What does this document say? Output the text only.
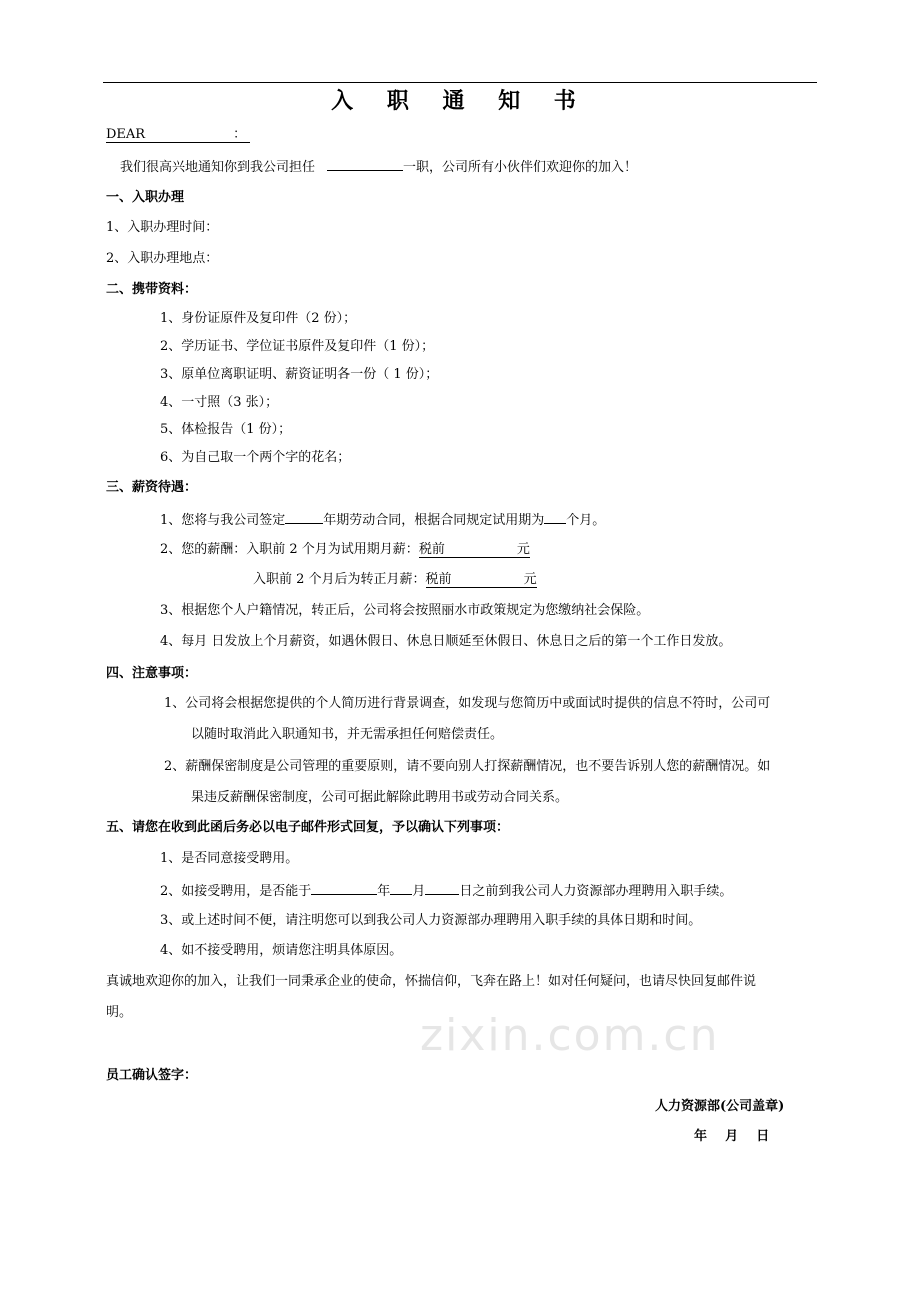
入 职 通 知 书
DEAR	：
我们很高兴地通知你到我公司担任	一职，公司所有小伙伴们欢迎你的加入！
一、入职办理
1、入职办理时间：
2、入职办理地点：
二、携带资料：
1、身份证原件及复印件（2 份）；
2、学历证书、学位证书原件及复印件（1 份）；
3、原单位离职证明、薪资证明各一份（ 1 份）；
4、一寸照（3 张）；
5、体检报告（1 份）；
6、为自己取一个两个字的花名；
三、薪资待遇：
1、您将与我公司签定	年期劳动合同，根据合同规定试用期为 个月。
2、您的薪酬：入职前 2 个月为试用期月薪：税前	元
入职前 2 个月后为转正月薪：税前	元
3、根据您个人户籍情况，转正后，公司将会按照丽水市政策规定为您缴纳社会保险。
4、每月 日发放上个月薪资，如遇休假日、休息日顺延至休假日、休息日之后的第一个工作日发放。
四、注意事项：
1、公司将会根据您提供的个人简历进行背景调查，如发现与您简历中或面试时提供的信息不符时，公司可
以随时取消此入职通知书，并无需承担任何赔偿责任。
2、薪酬保密制度是公司管理的重要原则，请不要向别人打探薪酬情况，也不要告诉别人您的薪酬情况。如
果违反薪酬保密制度，公司可据此解除此聘用书或劳动合同关系。
五、请您在收到此函后务必以电子邮件形式回复，予以确认下列事项：
1、是否同意接受聘用。
2、如接受聘用，是否能于	年 月	日之前到我公司人力资源部办理聘用入职手续。
3、或上述时间不便，请注明您可以到我公司人力资源部办理聘用入职手续的具体日期和时间。
4、如不接受聘用，烦请您注明具体原因。
真诚地欢迎你的加入，让我们一同秉承企业的使命，怀揣信仰，飞奔在路上！如对任何疑问，也请尽快回复邮件说
明。	zixin.com.cn
员工确认签字：
人力资源部(公司盖章)
年    月    日
